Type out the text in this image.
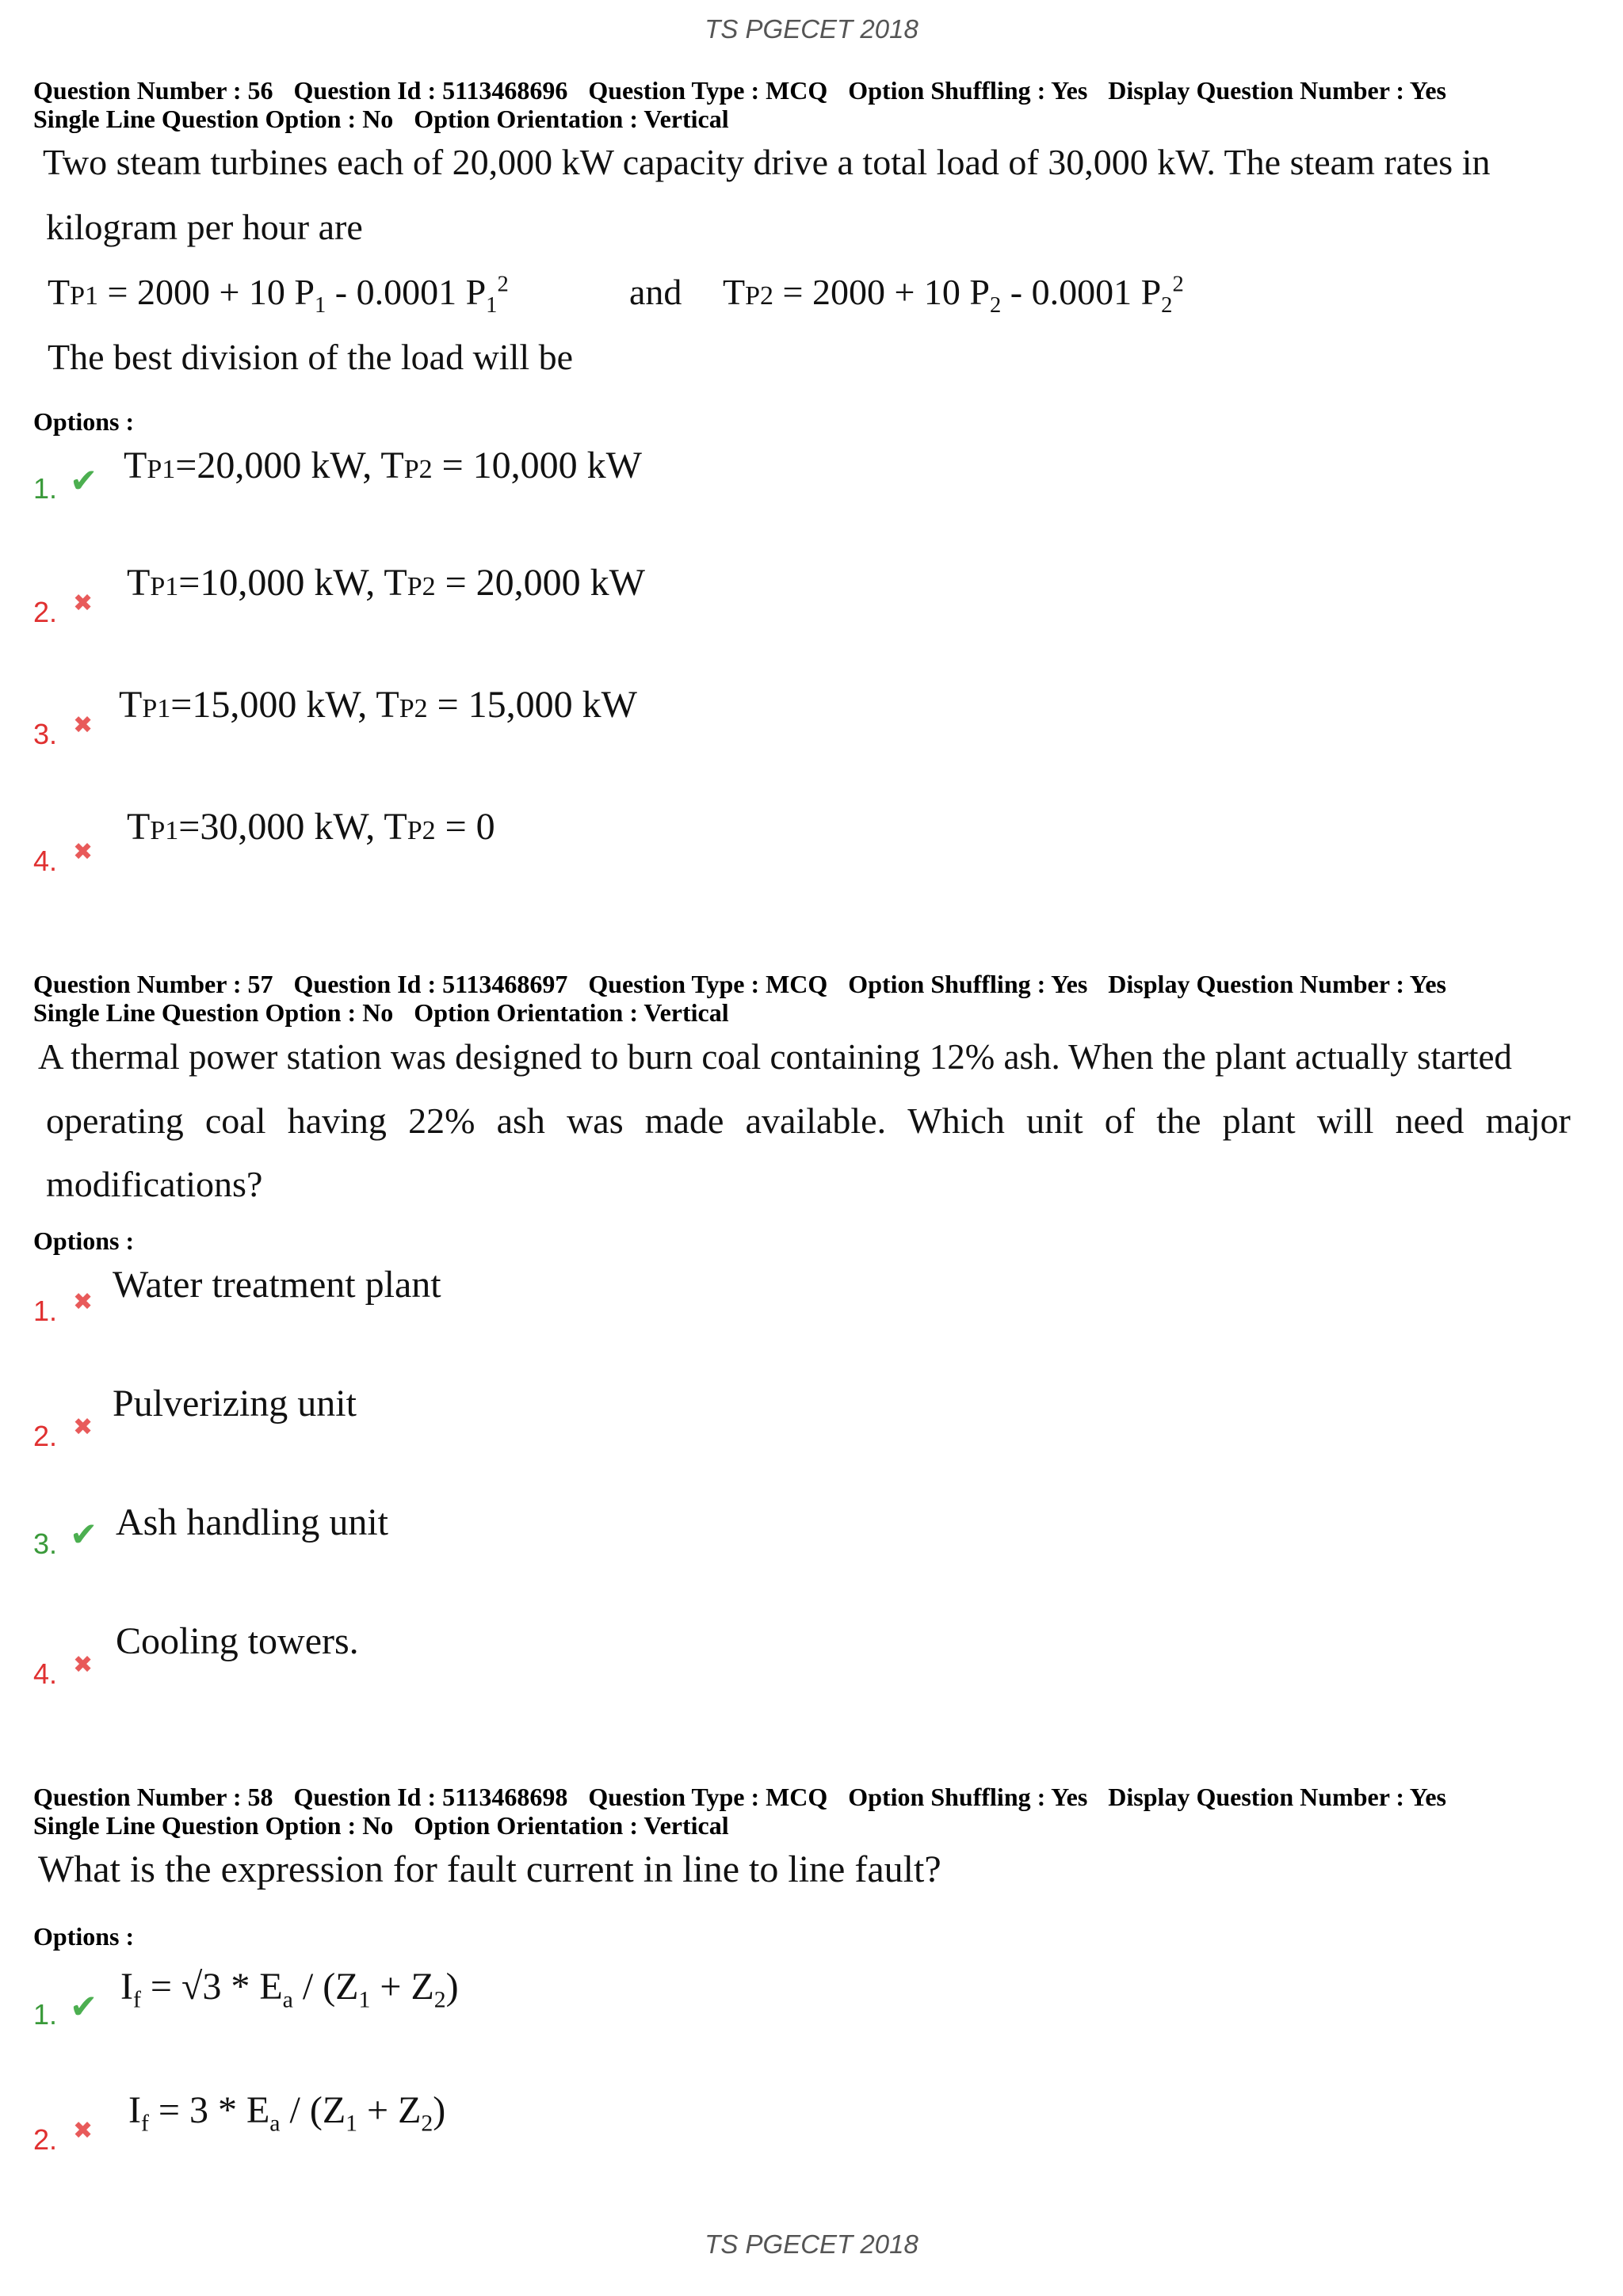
TS PGECET 2018
Question Number : 56 Question Id : 5113468696 Question Type : MCQ Option Shuffling : Yes Display Question Number : Yes
Single Line Question Option : No Option Orientation : Vertical
Two steam turbines each of 20,000 kW capacity drive a total load of 30,000 kW. The steam rates in
kilogram per hour are
TP1 = 2000 + 10 $P_1 - 0.0001$ $P_1^2$	and TP2 = 2000 + 10 $P_2 - 0.0001$ $P_2^2$
The best division of the load will be
Options :
1. ✔ TP1=20,000 kW, TP2 = 10,000 kW
2. ✖ TP1=10,000 kW, TP2 = 20,000 kW
3. ✖ TP1=15,000 kW, TP2 = 15,000 kW
4. ✖
TP1=30,000 kW, TP2 = 0
Question Number : 57 Question Id : 5113468697 Question Type : MCQ Option Shuffling : Yes Display Question Number : Yes
Single Line Question Option : No Option Orientation : Vertical
A thermal power station was designed to burn coal containing 12% ash. When the plant actually started
operating coal having 22% ash was made available. Which unit of the plant will need major
modifications?
Options :
1. ✖ Water treatment plant
2. ✖
Pulverizing unit
3. ✔ Ash handling unit
4. ✖
Cooling towers.
Question Number : 58 Question Id : 5113468698 Question Type : MCQ Option Shuffling : Yes Display Question Number : Yes
Single Line Question Option : No Option Orientation : Vertical
What is the expression for fault current in line to line fault?
Options :
1. ✔ $I_f = √3 * E_a / (Z_1 + Z_2)$
2. ✖ $I_f = 3 * E_a / (Z_1 + Z_2)$
TS PGECET 2018
